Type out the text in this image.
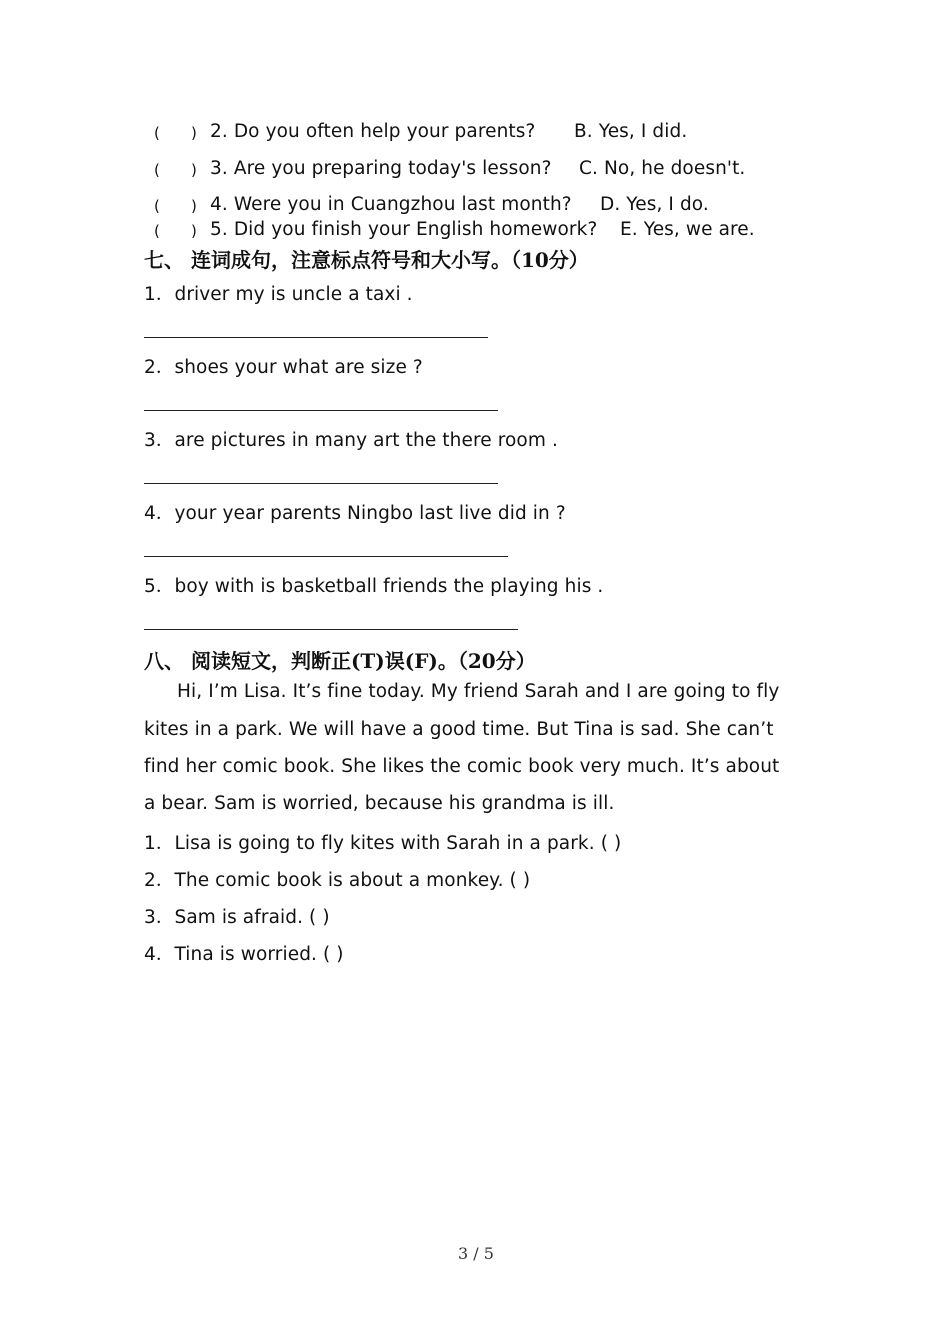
( ) 2. Do you often help your parents? B. Yes, I did.
( ) 3. Are you preparing today's lesson? C. No, he doesn't.
( ) 4. Were you in Cuangzhou last month? D. Yes, I do.
( ) 5. Did you finish your English homework? E. Yes, we are.
七、 连词成句，注意标点符号和大小写。（10分）
1．driver my is uncle a taxi .
2．shoes your what are size ?
3．are pictures in many art the there room .
4．your year parents Ningbo last live did in ?
5．boy with is basketball friends the playing his .
八、 阅读短文，判断正(T)误(F)。（20分）
Hi, I’m Lisa. It’s fine today. My friend Sarah and I are going to fly
kites in a park. We will have a good time. But Tina is sad. She can’t
find her comic book. She likes the comic book very much. It’s about
a bear. Sam is worried, because his grandma is ill.
1．Lisa is going to fly kites with Sarah in a park. ( )
2．The comic book is about a monkey. ( )
3．Sam is afraid. ( )
4．Tina is worried. ( )
3 / 5
